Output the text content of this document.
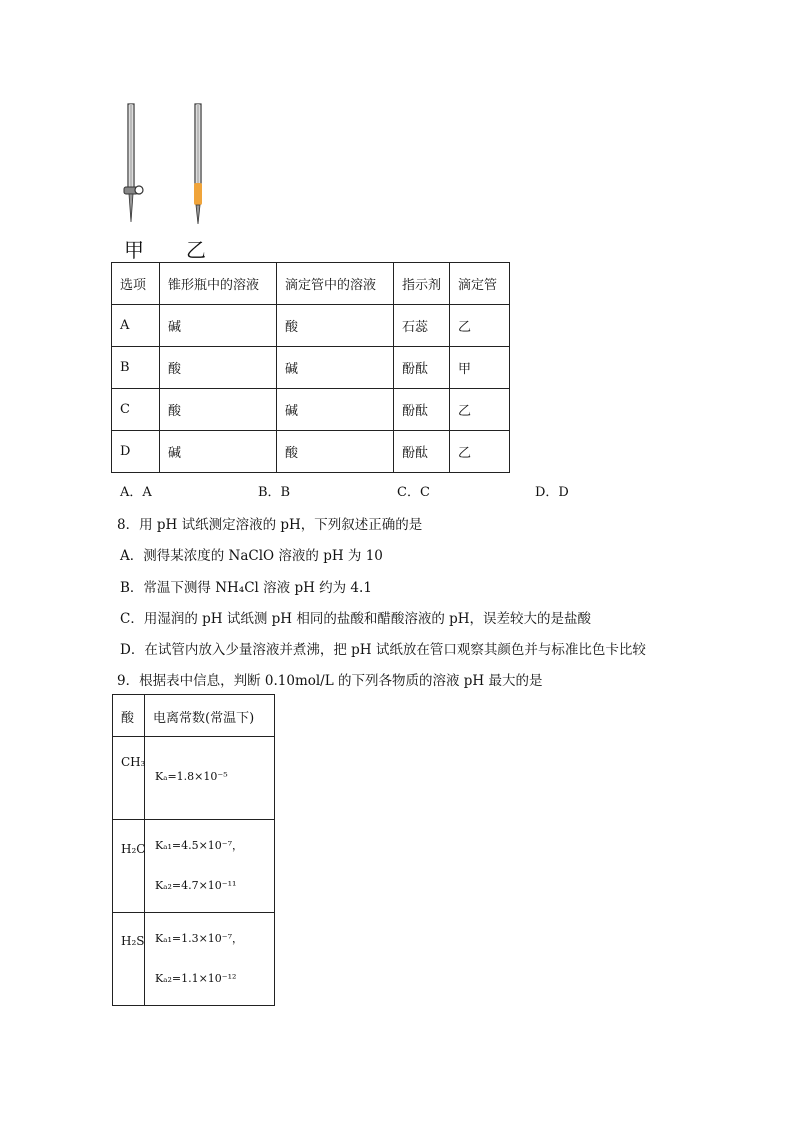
甲 乙
选项	锥形瓶中的溶液	滴定管中的溶液	指示剂	滴定管
A	碱	酸	石蕊	乙
B	酸	碱	酚酞	甲
C	酸	碱	酚酞	乙
D	碱	酸	酚酞	乙
A．A	B．B	C．C	D．D
8．用 pH 试纸测定溶液的 pH，下列叙述正确的是
A．测得某浓度的 NaClO 溶液的 pH 为 10
B．常温下测得 NH₄Cl 溶液 pH 约为 4.1
C．用湿润的 pH 试纸测 pH 相同的盐酸和醋酸溶液的 pH，误差较大的是盐酸
D．在试管内放入少量溶液并煮沸，把 pH 试纸放在管口观察其颜色并与标准比色卡比较
9．根据表中信息，判断 0.10mol/L 的下列各物质的溶液 pH 最大的是
酸	电离常数(常温下)

CH₃	Kₐ=1.8×10⁻⁵

H₂C	Kₐ₁=4.5×10⁻⁷，
Kₐ₂=4.7×10⁻¹¹

H₂S	Kₐ₁=1.3×10⁻⁷，
Kₐ₂=1.1×10⁻¹²
